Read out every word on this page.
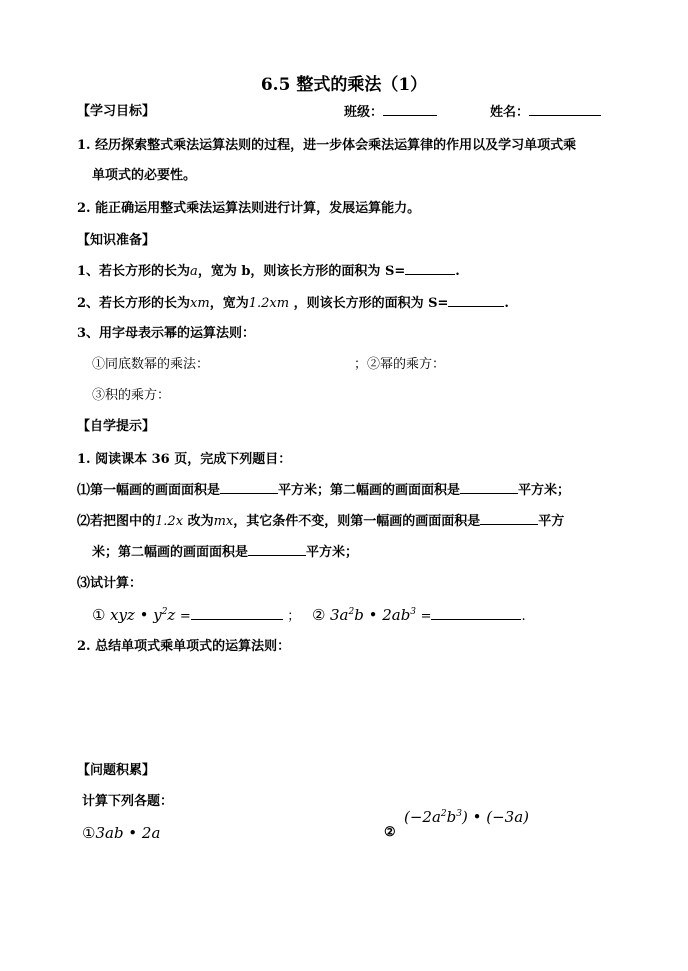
6.5 整式的乘法（1）
【学习目标】	班级：	姓名：
1. 经历探索整式乘法运算法则的过程，进一步体会乘法运算律的作用以及学习单项式乘
单项式的必要性。
2. 能正确运用整式乘法运算法则进行计算，发展运算能力。
【知识准备】
1、若长方形的长为a，宽为 b，则该长方形的面积为 S=	.
2、若长方形的长为xm，宽为1.2xm ，则该长方形的面积为 S=	.
3、用字母表示幂的运算法则：
①同底数幂的乘法：	；②幂的乘方：
③积的乘方：
【自学提示】
1. 阅读课本 36 页，完成下列题目：
⑴第一幅画的画面面积是	平方米；第二幅画的画面面积是	平方米；
⑵若把图中的1.2x 改为mx，其它条件不变，则第一幅画的画面面积是	平方
米；第二幅画的画面面积是	平方米；
⑶试计算：
① xyz • $y^2z$ =	； ② $3a^2b$ • $2ab^3$ =	.
2. 总结单项式乘单项式的运算法则：
【问题积累】
计算下列各题：
①3ab • 2a	②
$(-2a^2b^3)$ • (−3a)
